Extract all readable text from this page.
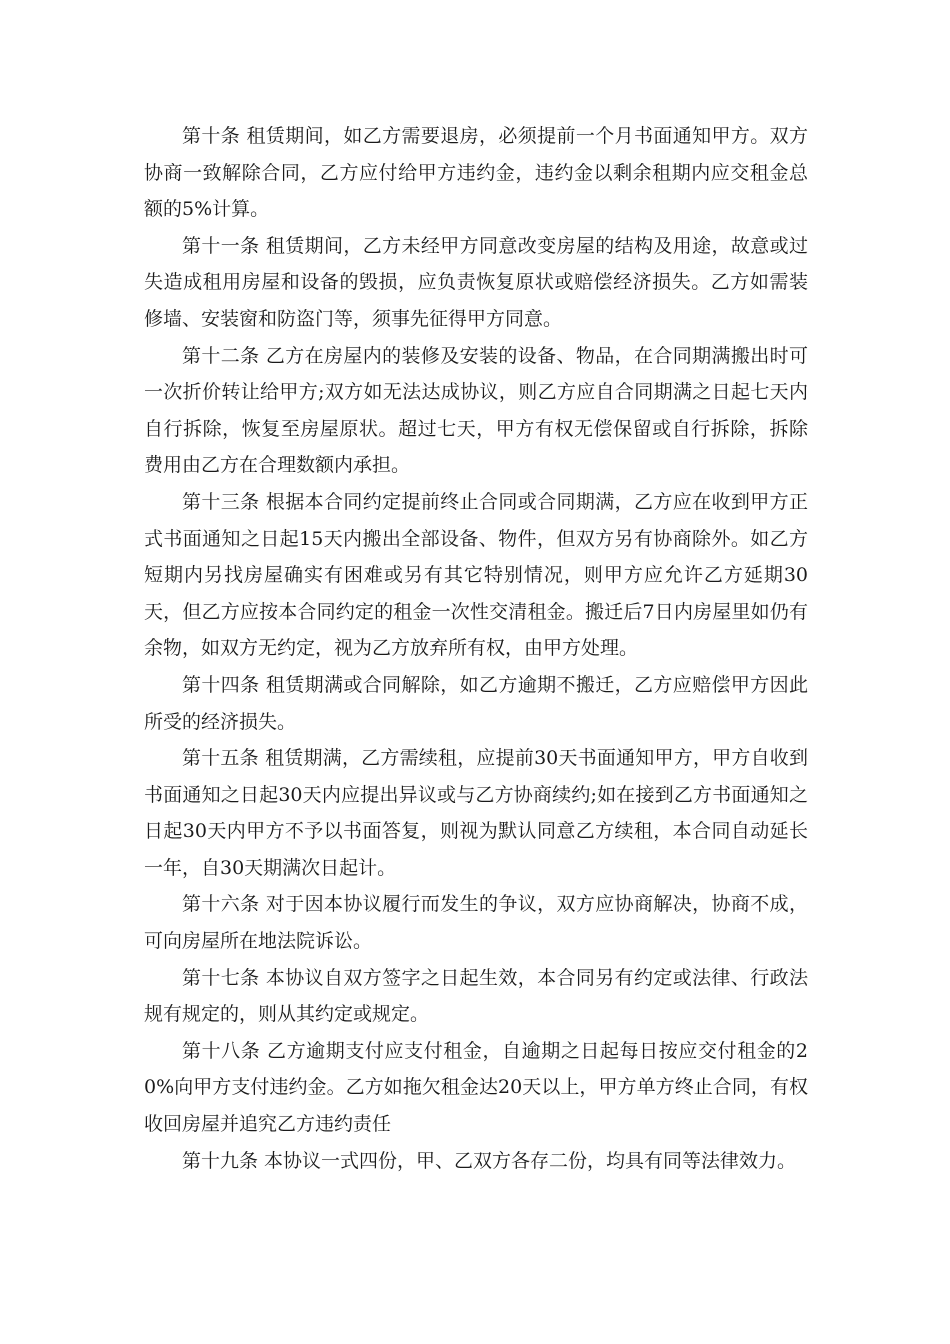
第十条 租赁期间，如乙方需要退房，必须提前一个月书面通知甲方。双方协商一致解除合同，乙方应付给甲方违约金，违约金以剩余租期内应交租金总额的5%计算。

第十一条 租赁期间，乙方未经甲方同意改变房屋的结构及用途，故意或过失造成租用房屋和设备的毁损，应负责恢复原状或赔偿经济损失。乙方如需装修墙、安装窗和防盗门等，须事先征得甲方同意。

第十二条 乙方在房屋内的装修及安装的设备、物品，在合同期满搬出时可一次折价转让给甲方;双方如无法达成协议，则乙方应自合同期满之日起七天内自行拆除，恢复至房屋原状。超过七天，甲方有权无偿保留或自行拆除，拆除费用由乙方在合理数额内承担。

第十三条 根据本合同约定提前终止合同或合同期满，乙方应在收到甲方正式书面通知之日起15天内搬出全部设备、物件，但双方另有协商除外。如乙方短期内另找房屋确实有困难或另有其它特别情况，则甲方应允许乙方延期30天，但乙方应按本合同约定的租金一次性交清租金。搬迁后7日内房屋里如仍有余物，如双方无约定，视为乙方放弃所有权，由甲方处理。

第十四条 租赁期满或合同解除，如乙方逾期不搬迁，乙方应赔偿甲方因此所受的经济损失。

第十五条 租赁期满，乙方需续租，应提前30天书面通知甲方，甲方自收到书面通知之日起30天内应提出异议或与乙方协商续约;如在接到乙方书面通知之日起30天内甲方不予以书面答复，则视为默认同意乙方续租，本合同自动延长一年，自30天期满次日起计。

第十六条 对于因本协议履行而发生的争议，双方应协商解决，协商不成，可向房屋所在地法院诉讼。

第十七条 本协议自双方签字之日起生效，本合同另有约定或法律、行政法规有规定的，则从其约定或规定。

第十八条 乙方逾期支付应支付租金，自逾期之日起每日按应交付租金的20%向甲方支付违约金。乙方如拖欠租金达20天以上，甲方单方终止合同，有权收回房屋并追究乙方违约责任

第十九条 本协议一式四份，甲、乙双方各存二份，均具有同等法律效力。
